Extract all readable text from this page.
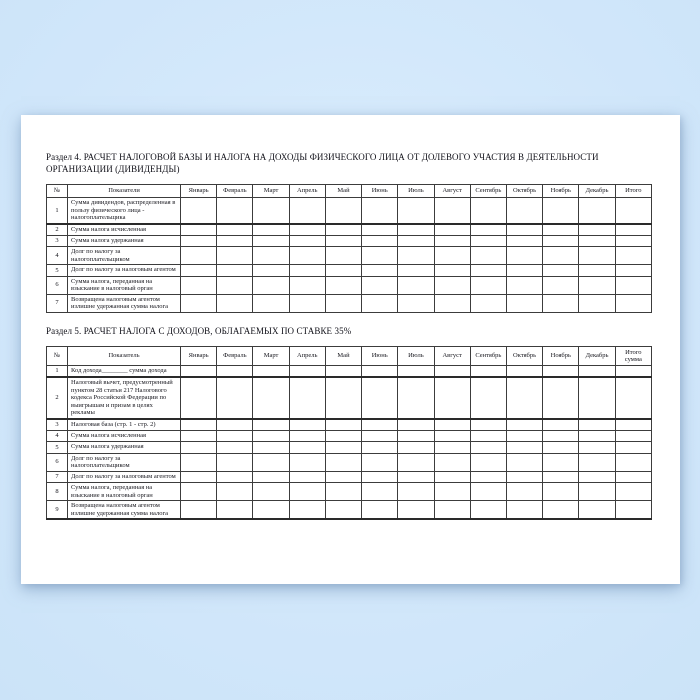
Раздел 4. РАСЧЕТ НАЛОГОВОЙ БАЗЫ И НАЛОГА НА ДОХОДЫ ФИЗИЧЕСКОГО ЛИЦА ОТ ДОЛЕВОГО УЧАСТИЯ В ДЕЯТЕЛЬНОСТИ ОРГАНИЗАЦИИ (ДИВИДЕНДЫ)
№	Показатели	Январь	Февраль	Март	Апрель	Май	Июнь	Июль	Август	Сентябрь	Октябрь	Ноябрь	Декабрь	Итого
1	Сумма дивидендов, распределенная в пользу физического лица - налогоплательщика													
2	Сумма налога исчисленная													
3	Сумма налога удержанная													
4	Долг по налогу за налогоплательщиком													
5	Долг по налогу за налоговым агентом													
6	Сумма налога, переданная на взыскание в налоговый орган													
7	Возвращена налоговым агентом излишне удержанная сумма налога													
Раздел 5. РАСЧЕТ НАЛОГА С ДОХОДОВ, ОБЛАГАЕМЫХ ПО СТАВКЕ 35%
№	Показатель	Январь	Февраль	Март	Апрель	Май	Июнь	Июль	Август	Сентябрь	Октябрь	Ноябрь	Декабрь	Итого сумма
1	Код дохода________ сумма дохода													
2	Налоговый вычет, предусмотренный пунктом 28 статьи 217 Налогового кодекса Российской Федерации по выигрышам и призам в целях рекламы													
3	Налоговая база (стр. 1 - стр. 2)													
4	Сумма налога исчисленная													
5	Сумма налога удержанная													
6	Долг по налогу за налогоплательщиком													
7	Долг по налогу за налоговым агентом													
8	Сумма налога, переданная на взыскание в налоговый орган													
9	Возвращена налоговым агентом излишне удержанная сумма налога													
